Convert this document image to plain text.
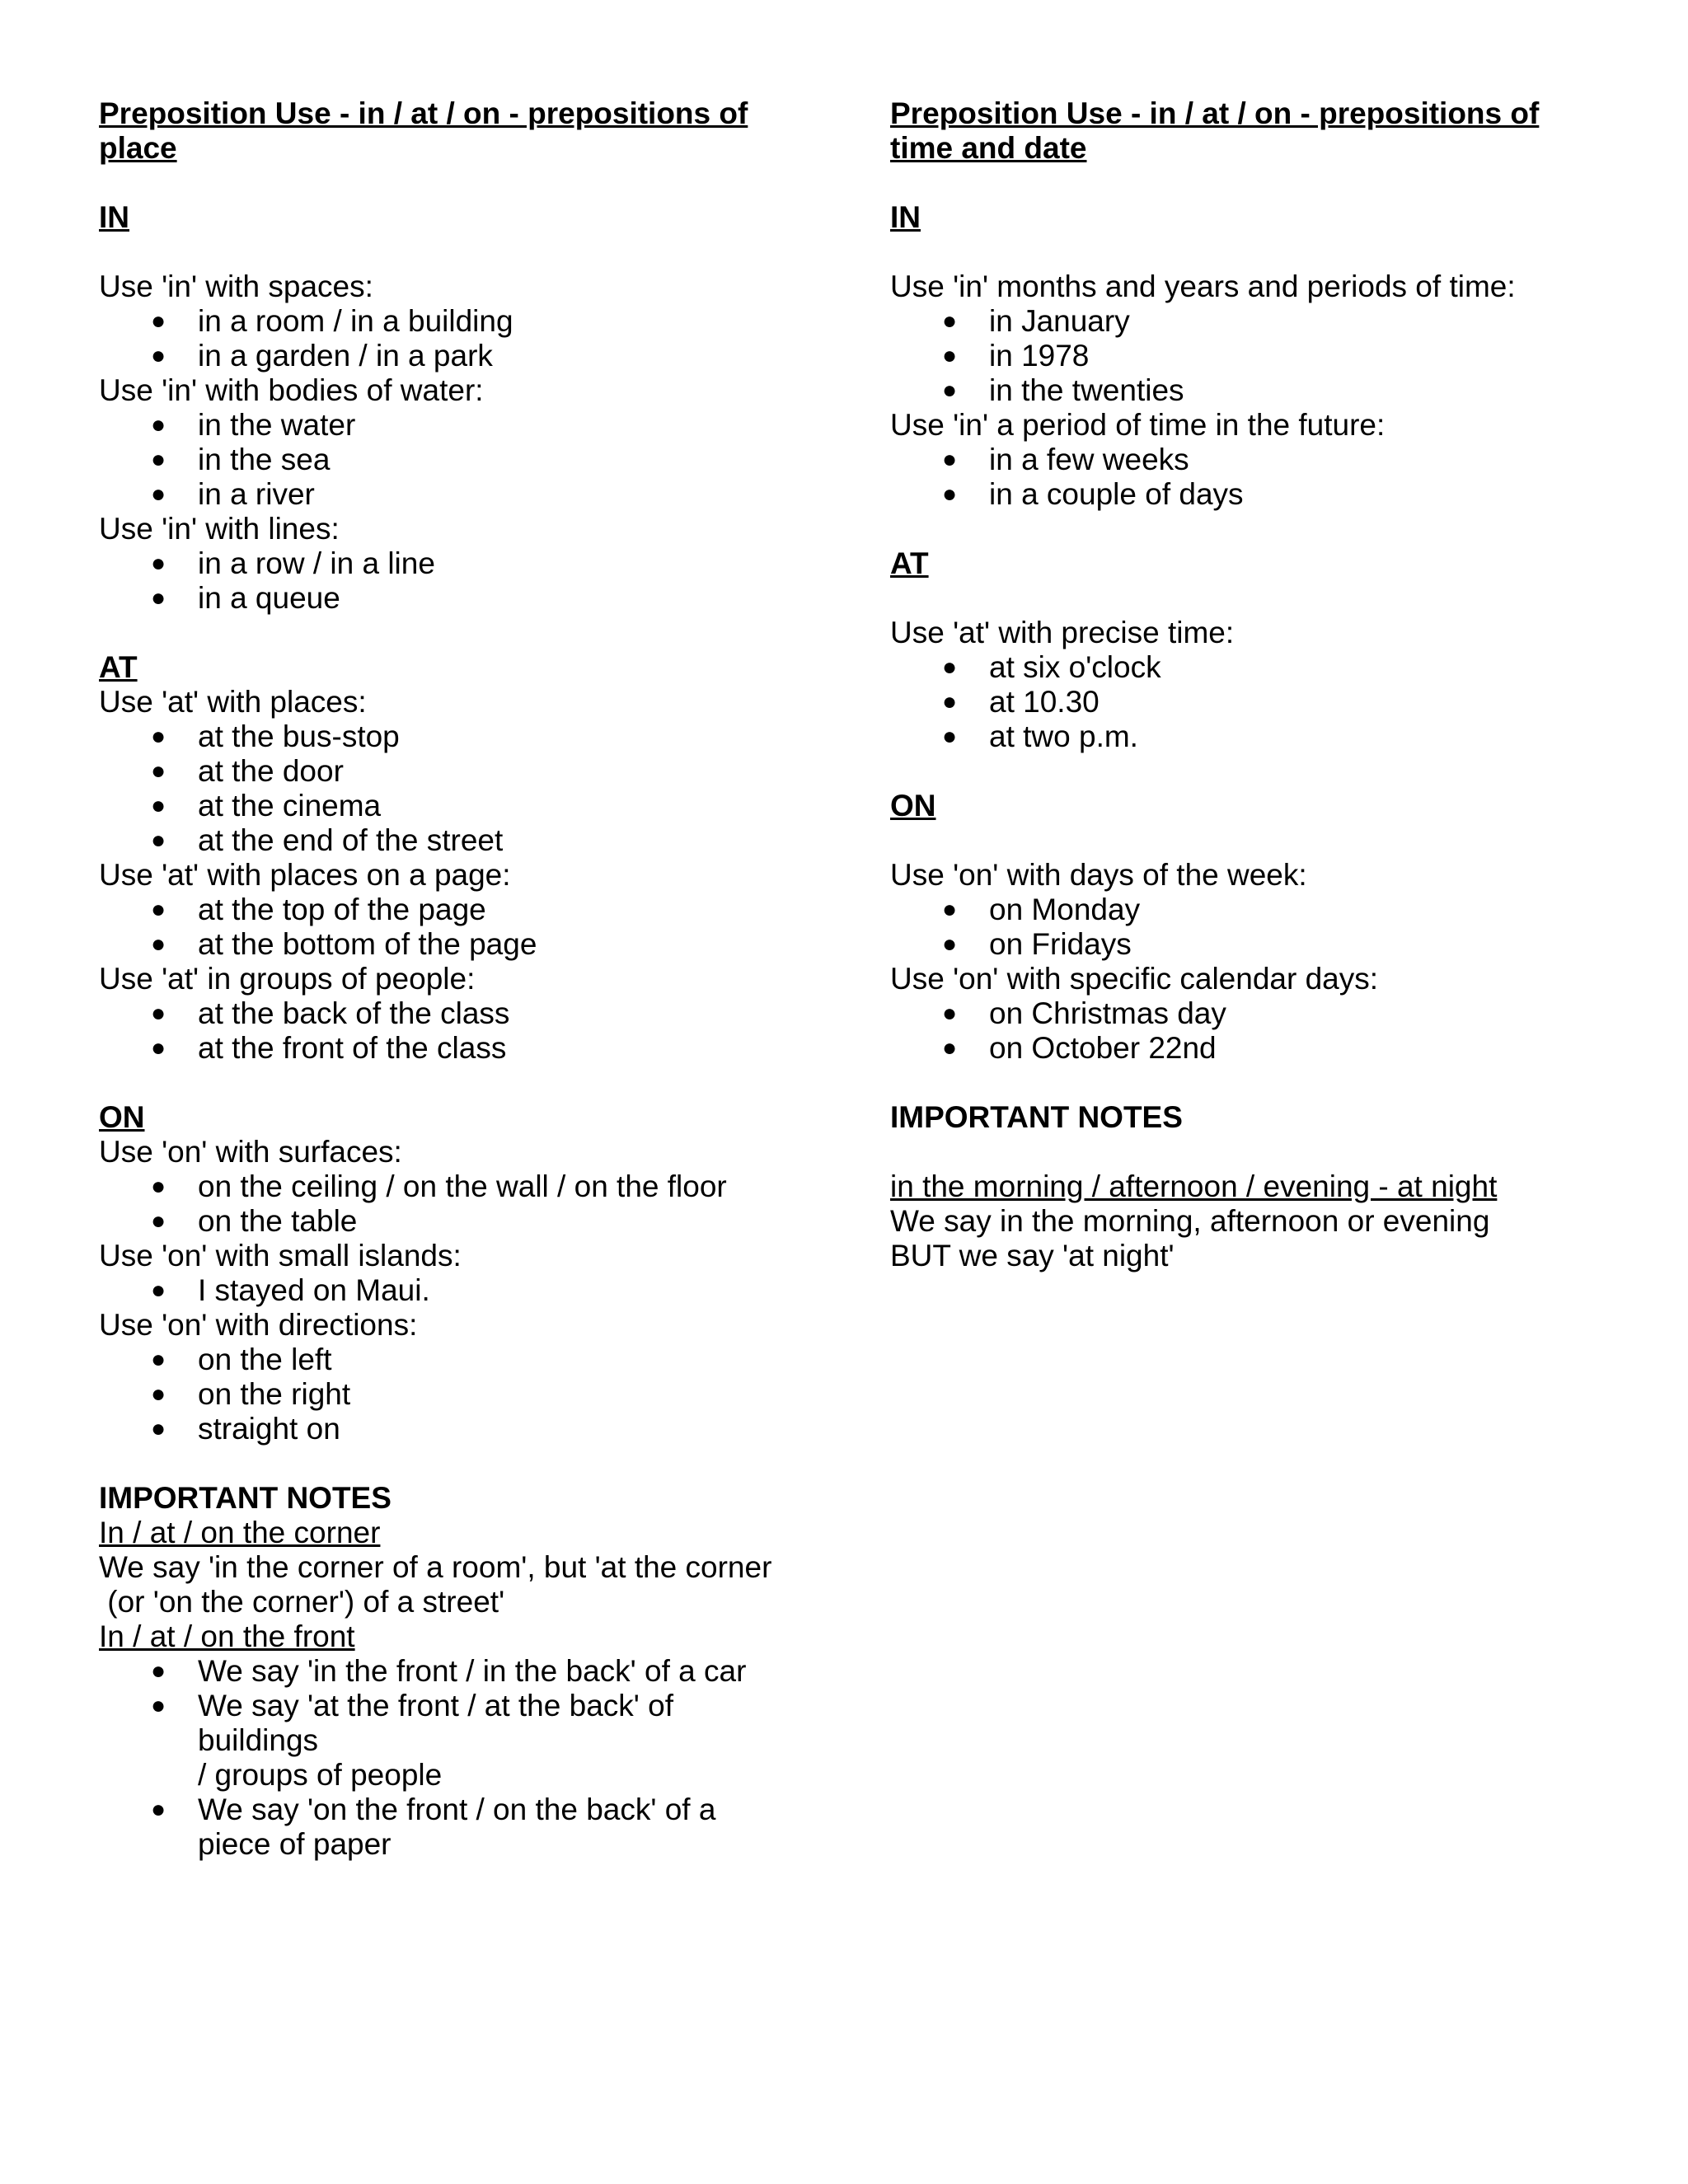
Preposition Use - in / at / on - prepositions of place

IN
Use 'in' with spaces:
● in a room / in a building
● in a garden / in a park
Use 'in' with bodies of water:
● in the water
● in the sea
● in a river
Use 'in' with lines:
● in a row / in a line
● in a queue
AT
Use 'at' with places:
● at the bus-stop
● at the door
● at the cinema
● at the end of the street
Use 'at' with places on a page:
● at the top of the page
● at the bottom of the page
Use 'at' in groups of people:
● at the back of the class
● at the front of the class
ON
Use 'on' with surfaces:
● on the ceiling / on the wall / on the floor
● on the table
Use 'on' with small islands:
● I stayed on Maui.
Use 'on' with directions:
● on the left
● on the right
● straight on
IMPORTANT NOTES
In / at / on the corner
We say 'in the corner of a room', but 'at the corner
(or 'on the corner') of a street'
In / at / on the front
● We say 'in the front / in the back' of a car
● We say 'at the front / at the back' of
buildings
/ groups of people
● We say 'on the front / on the back' of a
piece of paper

Preposition Use - in / at / on - prepositions of time and date

IN
Use 'in' months and years and periods of time:
● in January
● in 1978
● in the twenties
Use 'in' a period of time in the future:
● in a few weeks
● in a couple of days
AT
Use 'at' with precise time:
● at six o'clock
● at 10.30
● at two p.m.
ON
Use 'on' with days of the week:
● on Monday
● on Fridays
Use 'on' with specific calendar days:
● on Christmas day
● on October 22nd
IMPORTANT NOTES
in the morning / afternoon / evening - at night
We say in the morning, afternoon or evening
BUT we say 'at night'
